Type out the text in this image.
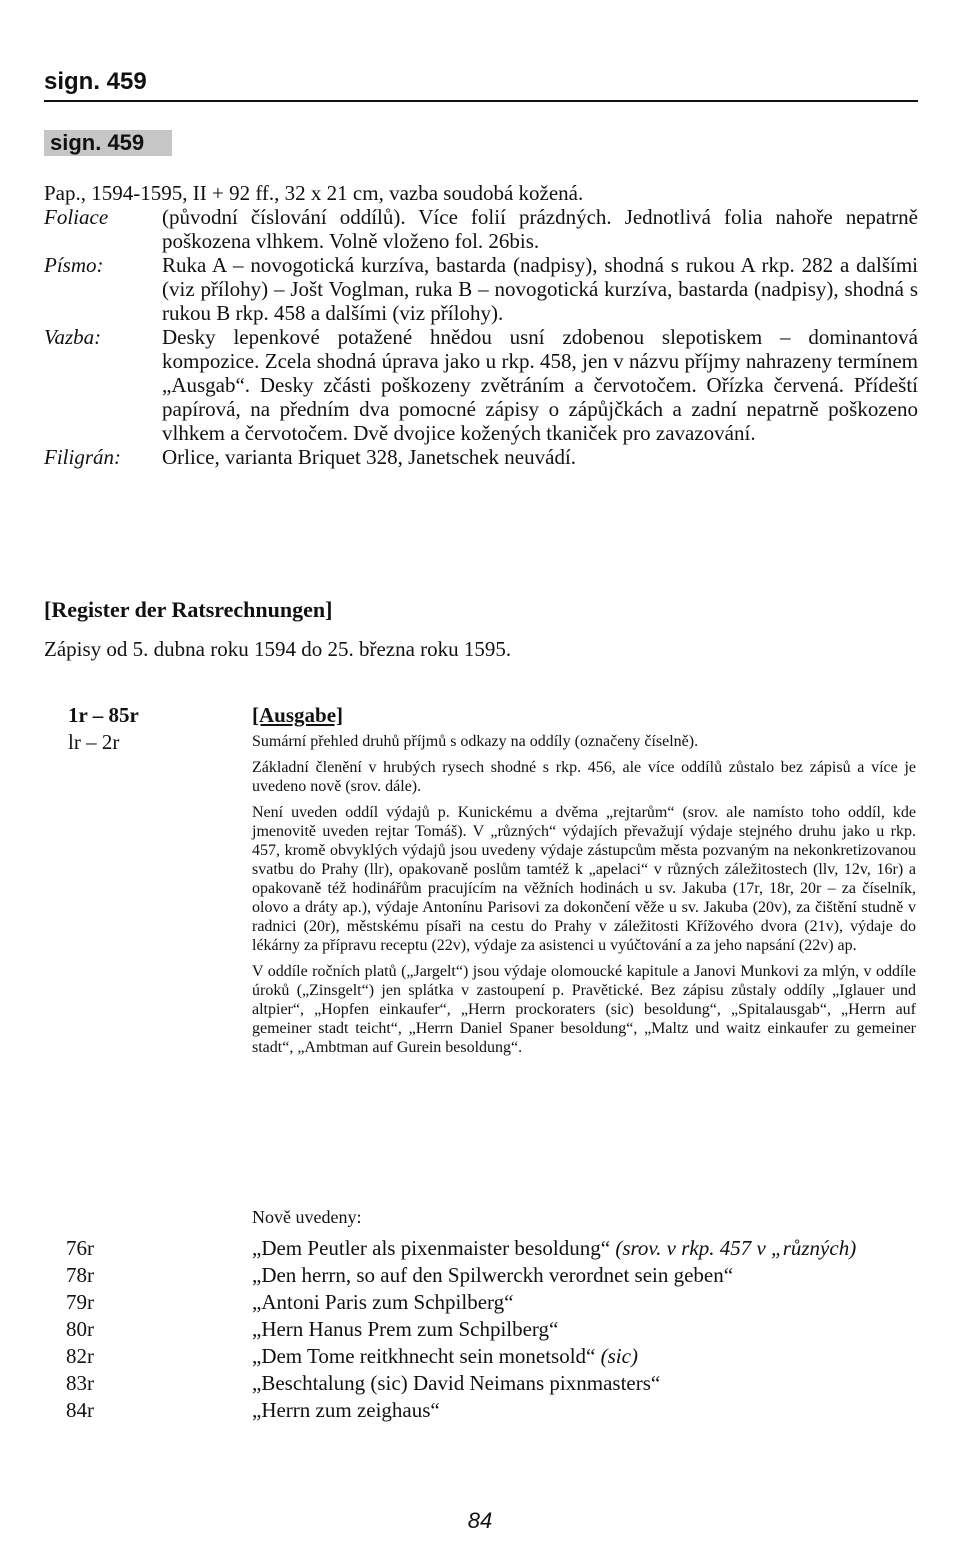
sign. 459
sign. 459
Pap., 1594-1595, II + 92 ff., 32 x 21 cm, vazba soudobá kožená.
Foliace	(původní číslování oddílů). Více folií prázdných. Jednotlivá folia nahoře nepatrně poškozena vlhkem. Volně vloženo fol. 26bis.
Písmo:	Ruka A – novogotická kurzíva, bastarda (nadpisy), shodná s rukou A rkp. 282 a dalšími (viz přílohy) – Jošt Voglman, ruka B – novogotická kurzíva, bastarda (nadpisy), shodná s rukou B rkp. 458 a dalšími (viz přílohy).
Vazba:	Desky lepenkové potažené hnědou usní zdobenou slepotiskem – dominantová kompozice. Zcela shodná úprava jako u rkp. 458, jen v názvu příjmy nahrazeny termínem „Ausgab“. Desky zčásti poškozeny zvětráním a červotočem. Ořízka červená. Přídeští papírová, na předním dva pomocné zápisy o zápůjčkách a zadní nepatrně poškozeno vlhkem a červotočem. Dvě dvojice kožených tkaniček pro zavazování.
Filigrán:	Orlice, varianta Briquet 328, Janetschek neuvádí.
[Register der Ratsrechnungen]
Zápisy od 5. dubna roku 1594 do 25. března roku 1595.
1r – 85r	[Ausgabe]
lr – 2r	Sumární přehled druhů příjmů s odkazy na oddíly (označeny číselně).

Základní členění v hrubých rysech shodné s rkp. 456, ale více oddílů zůstalo bez zápisů a více je uvedeno nově (srov. dále).

Není uveden oddíl výdajů p. Kunickému a dvěma „rejtarům“ (srov. ale namísto toho oddíl, kde jmenovitě uveden rejtar Tomáš). V „různých“ výdajích převažují výdaje stejného druhu jako u rkp. 457, kromě obvyklých výdajů jsou uvedeny výdaje zástupcům města pozvaným na nekonkretizovanou svatbu do Prahy (llr), opakovaně poslům tamtéž k „apelaci“ v různých záležitostech (llv, 12v, 16r) a opakovaně též hodinářům pracujícím na věžních hodinách u sv. Jakuba (17r, 18r, 20r – za číselník, olovo a dráty ap.), výdaje Antonínu Parisovi za dokončení věže u sv. Jakuba (20v), za čištění studně v radnici (20r), městskému písaři na cestu do Prahy v záležitosti Křížového dvora (21v), výdaje do lékárny za přípravu receptu (22v), výdaje za asistenci u vyúčtování a za jeho napsání (22v) ap.

V oddíle ročních platů („Jargelt“) jsou výdaje olomoucké kapitule a Janovi Munkovi za mlýn, v oddíle úroků („Zinsgelt“) jen splátka v zastoupení p. Pravětické. Bez zápisu zůstaly oddíly „Iglauer und altpier“, „Hopfen einkaufer“, „Herrn prockoraters (sic) besoldung“, „Spitalausgab“, „Herrn auf gemeiner stadt teicht“, „Herrn Daniel Spaner besoldung“, „Maltz und waitz einkaufer zu gemeiner stadt“, „Ambtman auf Gurein besoldung“.

Nově uvedeny:
76r	„Dem Peutler als pixenmaister besoldung“ (srov. v rkp. 457 v „různých)
78r	„Den herrn, so auf den Spilwerckh verordnet sein geben“
79r	„Antoni Paris zum Schpilberg“
80r	„Hern Hanus Prem zum Schpilberg“
82r	„Dem Tome reitkhnecht sein monetsold“ (sic)
83r	„Beschtalung (sic) David Neimans pixnmasters“
84r	„Herrn zum zeighaus“
84
